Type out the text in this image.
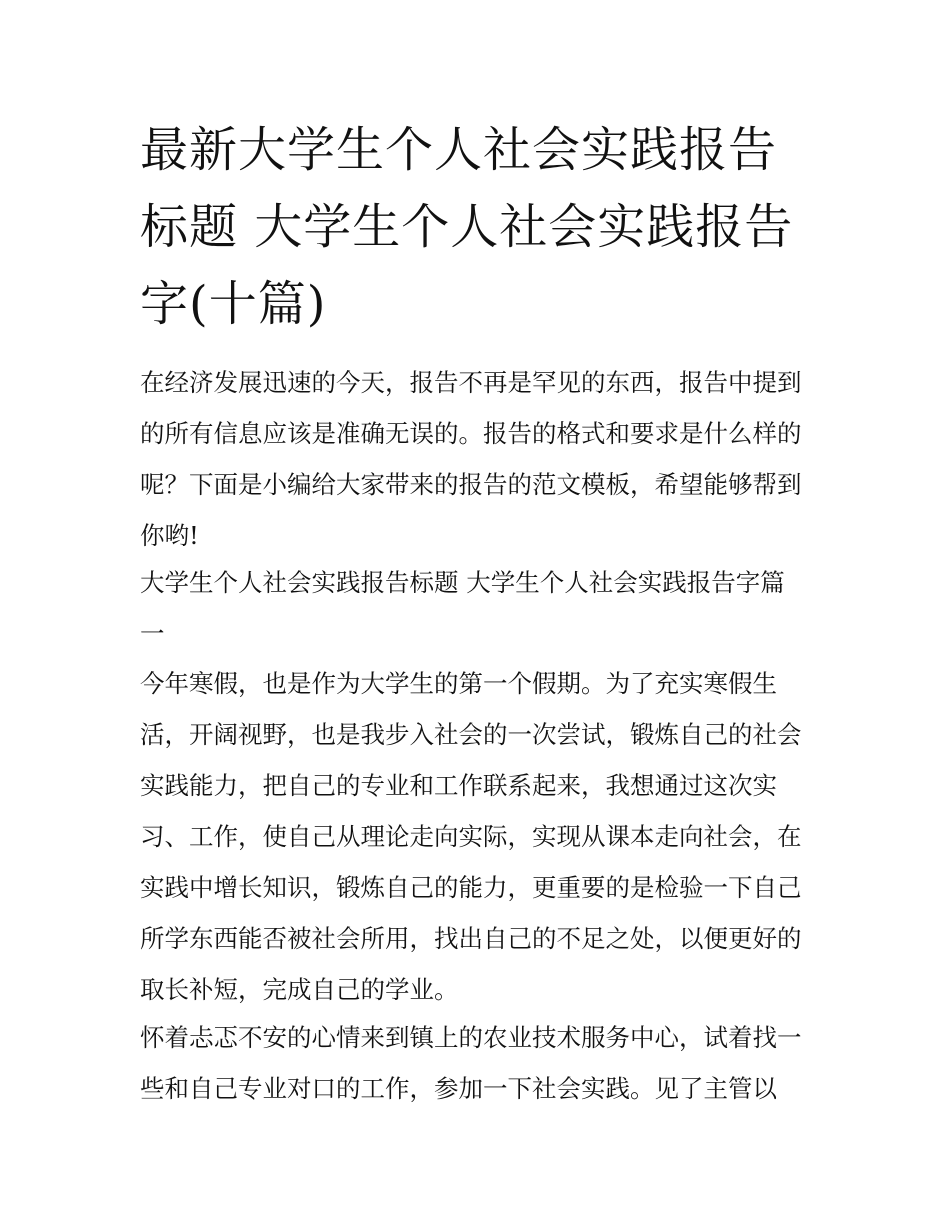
最新大学生个人社会实践报告
标题 大学生个人社会实践报告
字(十篇)

在经济发展迅速的今天，报告不再是罕见的东西，报告中提到
的所有信息应该是准确无误的。报告的格式和要求是什么样的
呢？下面是小编给大家带来的报告的范文模板，希望能够帮到
你哟!

大学生个人社会实践报告标题 大学生个人社会实践报告字篇
一

今年寒假，也是作为大学生的第一个假期。为了充实寒假生
活，开阔视野，也是我步入社会的一次尝试，锻炼自己的社会
实践能力，把自己的专业和工作联系起来，我想通过这次实
习、工作，使自己从理论走向实际，实现从课本走向社会，在
实践中增长知识，锻炼自己的能力，更重要的是检验一下自己
所学东西能否被社会所用，找出自己的不足之处，以便更好的
取长补短，完成自己的学业。

怀着忐忑不安的心情来到镇上的农业技术服务中心，试着找一
些和自己专业对口的工作，参加一下社会实践。见了主管以
